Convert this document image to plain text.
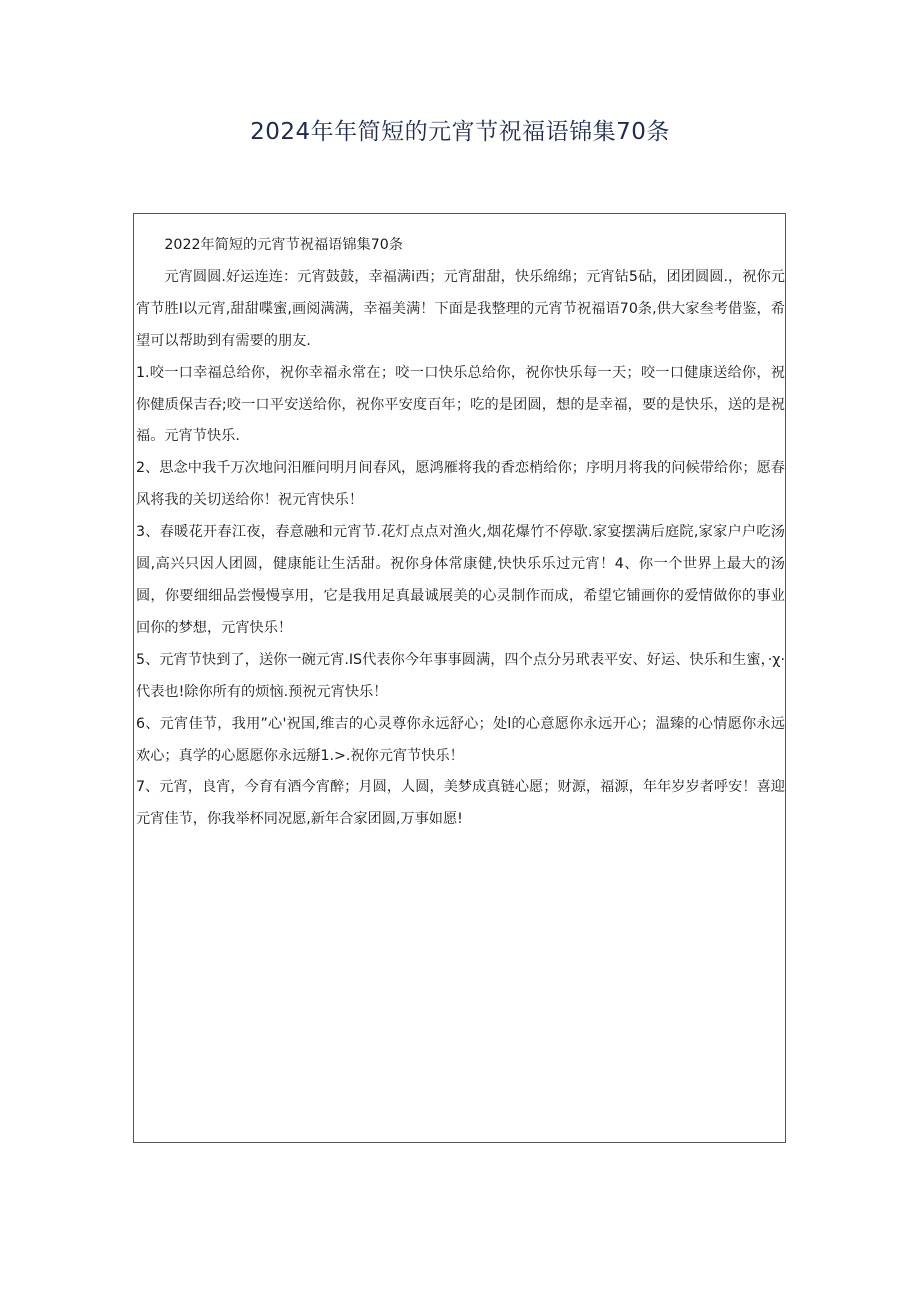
2024年年简短的元宵节祝福语锦集70条

2022年简短的元宵节祝福语锦集70条

元宵圆圆.好运连连：元宵鼓鼓，幸福满i西；元宵甜甜，快乐绵绵；元宵钻5砧，团团圆圆.，祝你元宵节胜I以元宵,甜甜喋蜜,画阅满满，幸福美满！下面是我整理的元宵节祝福语70条,供大家叁考借鉴，希望可以帮助到有需要的朋友.

1.咬一口幸福总给你，祝你幸福永常在；咬一口快乐总给你，祝你快乐每一天；咬一口健康送给你，祝你健质保吉吞;咬一口平安送给你，祝你平安度百年；吃的是团圆，想的是幸福，要的是快乐，送的是祝福。元宵节快乐.

2、思念中我千万次地问汨雁问明月间春风，愿鸿雁将我的香恋梢给你；序明月将我的问候带给你；愿春风将我的关切送给你！祝元宵快乐！

3、春暖花开春江夜，春意融和元宵节.花灯点点对渔火,烟花爆竹不停歇.家宴摆满后庭院,家家户户吃汤圆,高兴只因人团圆，健康能让生活甜。祝你身体常康健,快快乐乐过元宵！4、你一个世界上最大的汤圆，你要细细品尝慢慢享用，它是我用足真最诚展美的心灵制作而成，希望它铺画你的爱情做你的事业回你的梦想，元宵快乐！

5、元宵节快到了，送你一碗元宵.IS代表你今年事事圆满，四个点分另玳表平安、好运、快乐和生蜜，·χ·代表也!除你所有的烦恼.预祝元宵快乐！

6、元宵佳节，我用”心'祝国,维吉的心灵尊你永远舒心；处l的心意愿你永远开心；温臻的心情愿你永远欢心；真学的心愿愿你永远掰1.>.祝你元宵节快乐！

7、元宵，良宵，今育有酒今宵醉；月圆，人圆，美梦成真链心愿；财源，福源，年年岁岁者呼安！喜迎元宵佳节，你我举杯同况愿,新年合家团圆,万事如愿!
